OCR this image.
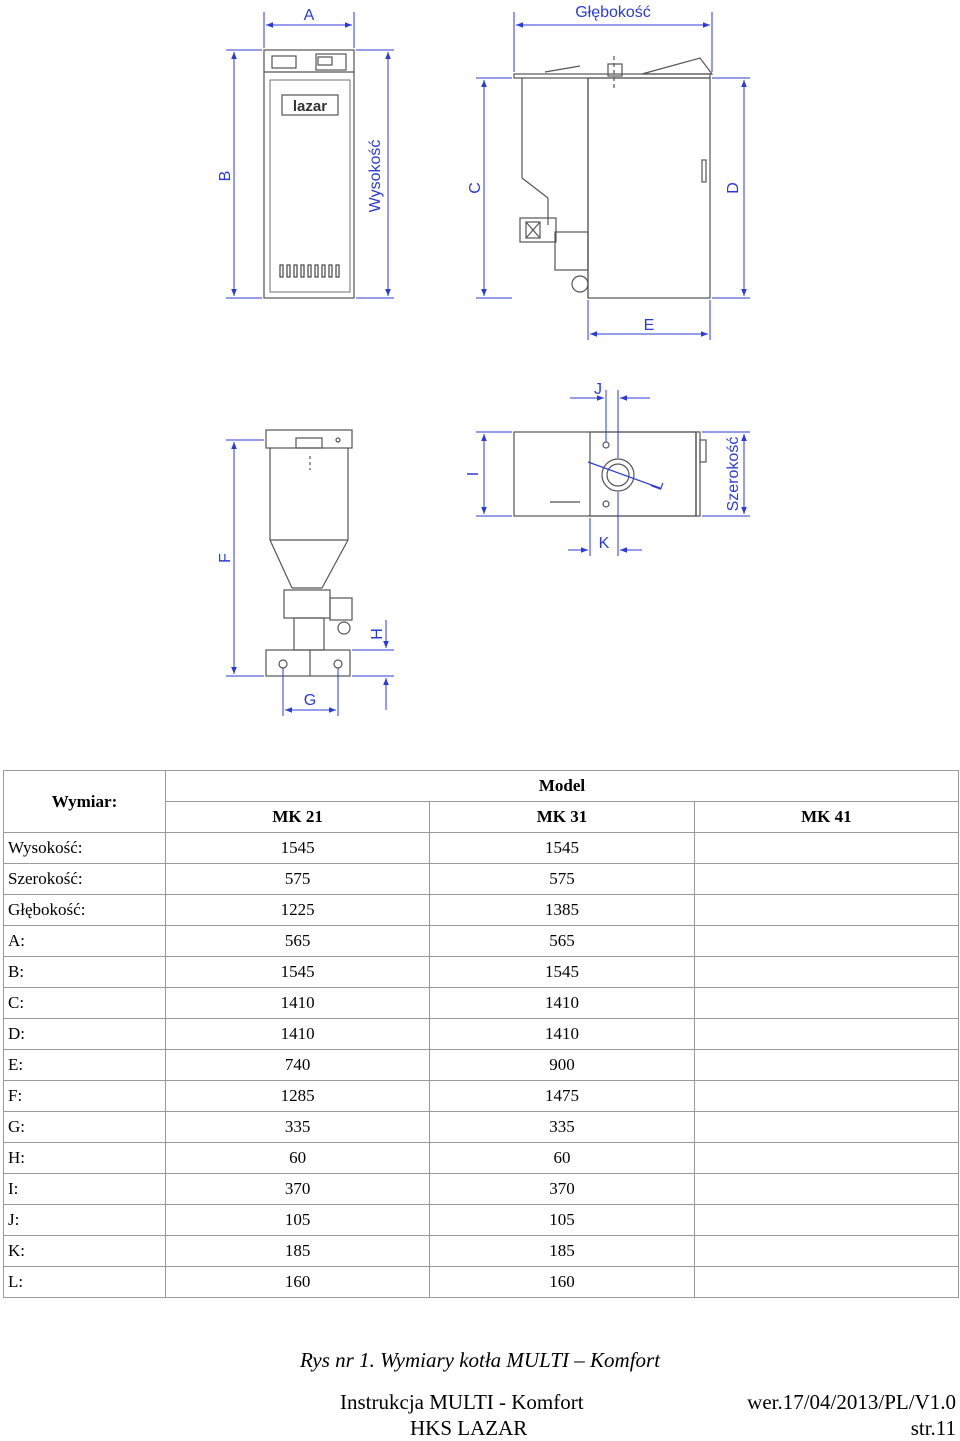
lazar
A	Głębokość
B	Wysokość	C	D
E
J
I
L	Szerokość
K
F
H
G
Wymiar:	Model		
	MK 21	MK 31	MK 41
Wysokość:	1545	1545	
Szerokość:	575	575	
Głębokość:	1225	1385	
A:	565	565	
B:	1545	1545	
C:	1410	1410	
D:	1410	1410	
E:	740	900	
F:	1285	1475	
G:	335	335	
H:	60	60	
I:	370	370	
J:	105	105	
K:	185	185	
L:	160	160	
Rys nr 1. Wymiary kotła MULTI – Komfort
Instrukcja MULTI - Komfort
HKS LAZAR
wer.17/04/2013/PL/V1.0
str.11
